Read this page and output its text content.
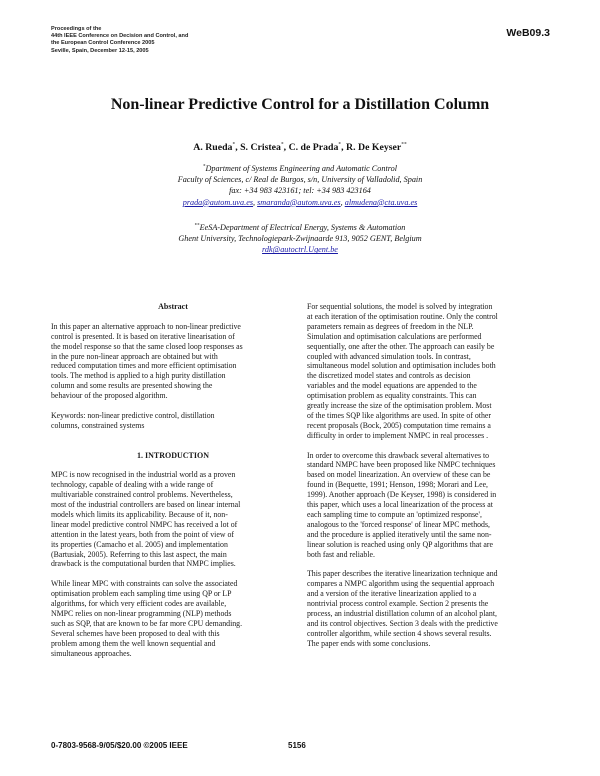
Proceedings of the
44th IEEE Conference on Decision and Control, and
the European Control Conference 2005
Seville, Spain, December 12-15, 2005
WeB09.3
Non-linear Predictive Control for a Distillation Column
A. Rueda*, S. Cristea*, C. de Prada*, R. De Keyser**
*Dpartment of Systems Engineering and Automatic Control
Faculty of Sciences, c/ Real de Burgos, s/n, University of Valladolid, Spain
fax: +34 983 423161; tel: +34 983 423164
prada@autom.uva.es, smaranda@autom.uva.es, almudena@cta.uva.es
**EeSA-Department of Electrical Energy, Systems & Automation
Ghent University, Technologiepark-Zwijnaarde 913, 9052 GENT, Belgium
rdk@autoctrl.Ugent.be

Abstract

In this paper an alternative approach to non-linear predictive

control is presented. It is based on iterative linearisation of

the model response so that the same closed loop responses as

in the pure non-linear approach are obtained but with

reduced computation times and more efficient optimisation

tools. The method is applied to a high purity distillation

column and some results are presented showing the

behaviour of the proposed algorithm.

Keywords: non-linear predictive control, distillation

columns, constrained systems

1. INTRODUCTION

MPC is now recognised in the industrial world as a proven

technology, capable of dealing with a wide range of

multivariable constrained control problems. Nevertheless,

most of the industrial controllers are based on linear internal

models which limits its applicability. Because of it, non-

linear model predictive control NMPC has received a lot of

attention in the latest years, both from the point of view of

its properties (Camacho et al. 2005) and implementation

(Bartusiak, 2005). Referring to this last aspect, the main

drawback is the computational burden that NMPC implies.

While linear MPC with constraints can solve the associated

optimisation problem each sampling time using QP or LP

algorithms, for which very efficient codes are available,

NMPC relies on non-linear programming (NLP) methods

such as SQP, that are known to be far more CPU demanding.

Several schemes have been proposed to deal with this

problem among them the well known sequential and

simultaneous approaches.

For sequential solutions, the model is solved by integration

at each iteration of the optimisation routine. Only the control

parameters remain as degrees of freedom in the NLP.

Simulation and optimisation calculations are performed

sequentially, one after the other. The approach can easily be

coupled with advanced simulation tools. In contrast,

simultaneous model solution and optimisation includes both

the discretized model states and controls as decision

variables and the model equations are appended to the

optimisation problem as equality constraints. This can

greatly increase the size of the optimisation problem. Most

of the times SQP like algorithms are used. In spite of other

recent proposals (Bock, 2005) computation time remains a

difficulty in order to implement NMPC in real processes .

In order to overcome this drawback several alternatives to

standard NMPC have been proposed like NMPC techniques

based on model linearization. An overview of these can be

found in (Bequette, 1991; Henson, 1998; Morari and Lee,

1999). Another approach (De Keyser, 1998) is considered in

this paper, which uses a local linearization of the process at

each sampling time to compute an 'optimized response',

analogous to the 'forced response' of linear MPC methods,

and the procedure is applied iteratively until the same non-

linear solution is reached using only QP algorithms that are

both fast and reliable.

This paper describes the iterative linearization technique and

compares a NMPC algorithm using the sequential approach

and a version of the iterative linearization applied to a

nontrivial process control example. Section 2 presents the

process, an industrial distillation column of an alcohol plant,

and its control objectives. Section 3 deals with the predictive

controller algorithm, while section 4 shows several results.

The paper ends with some conclusions.

0-7803-9568-9/05/$20.00 ©2005 IEEE	5156
